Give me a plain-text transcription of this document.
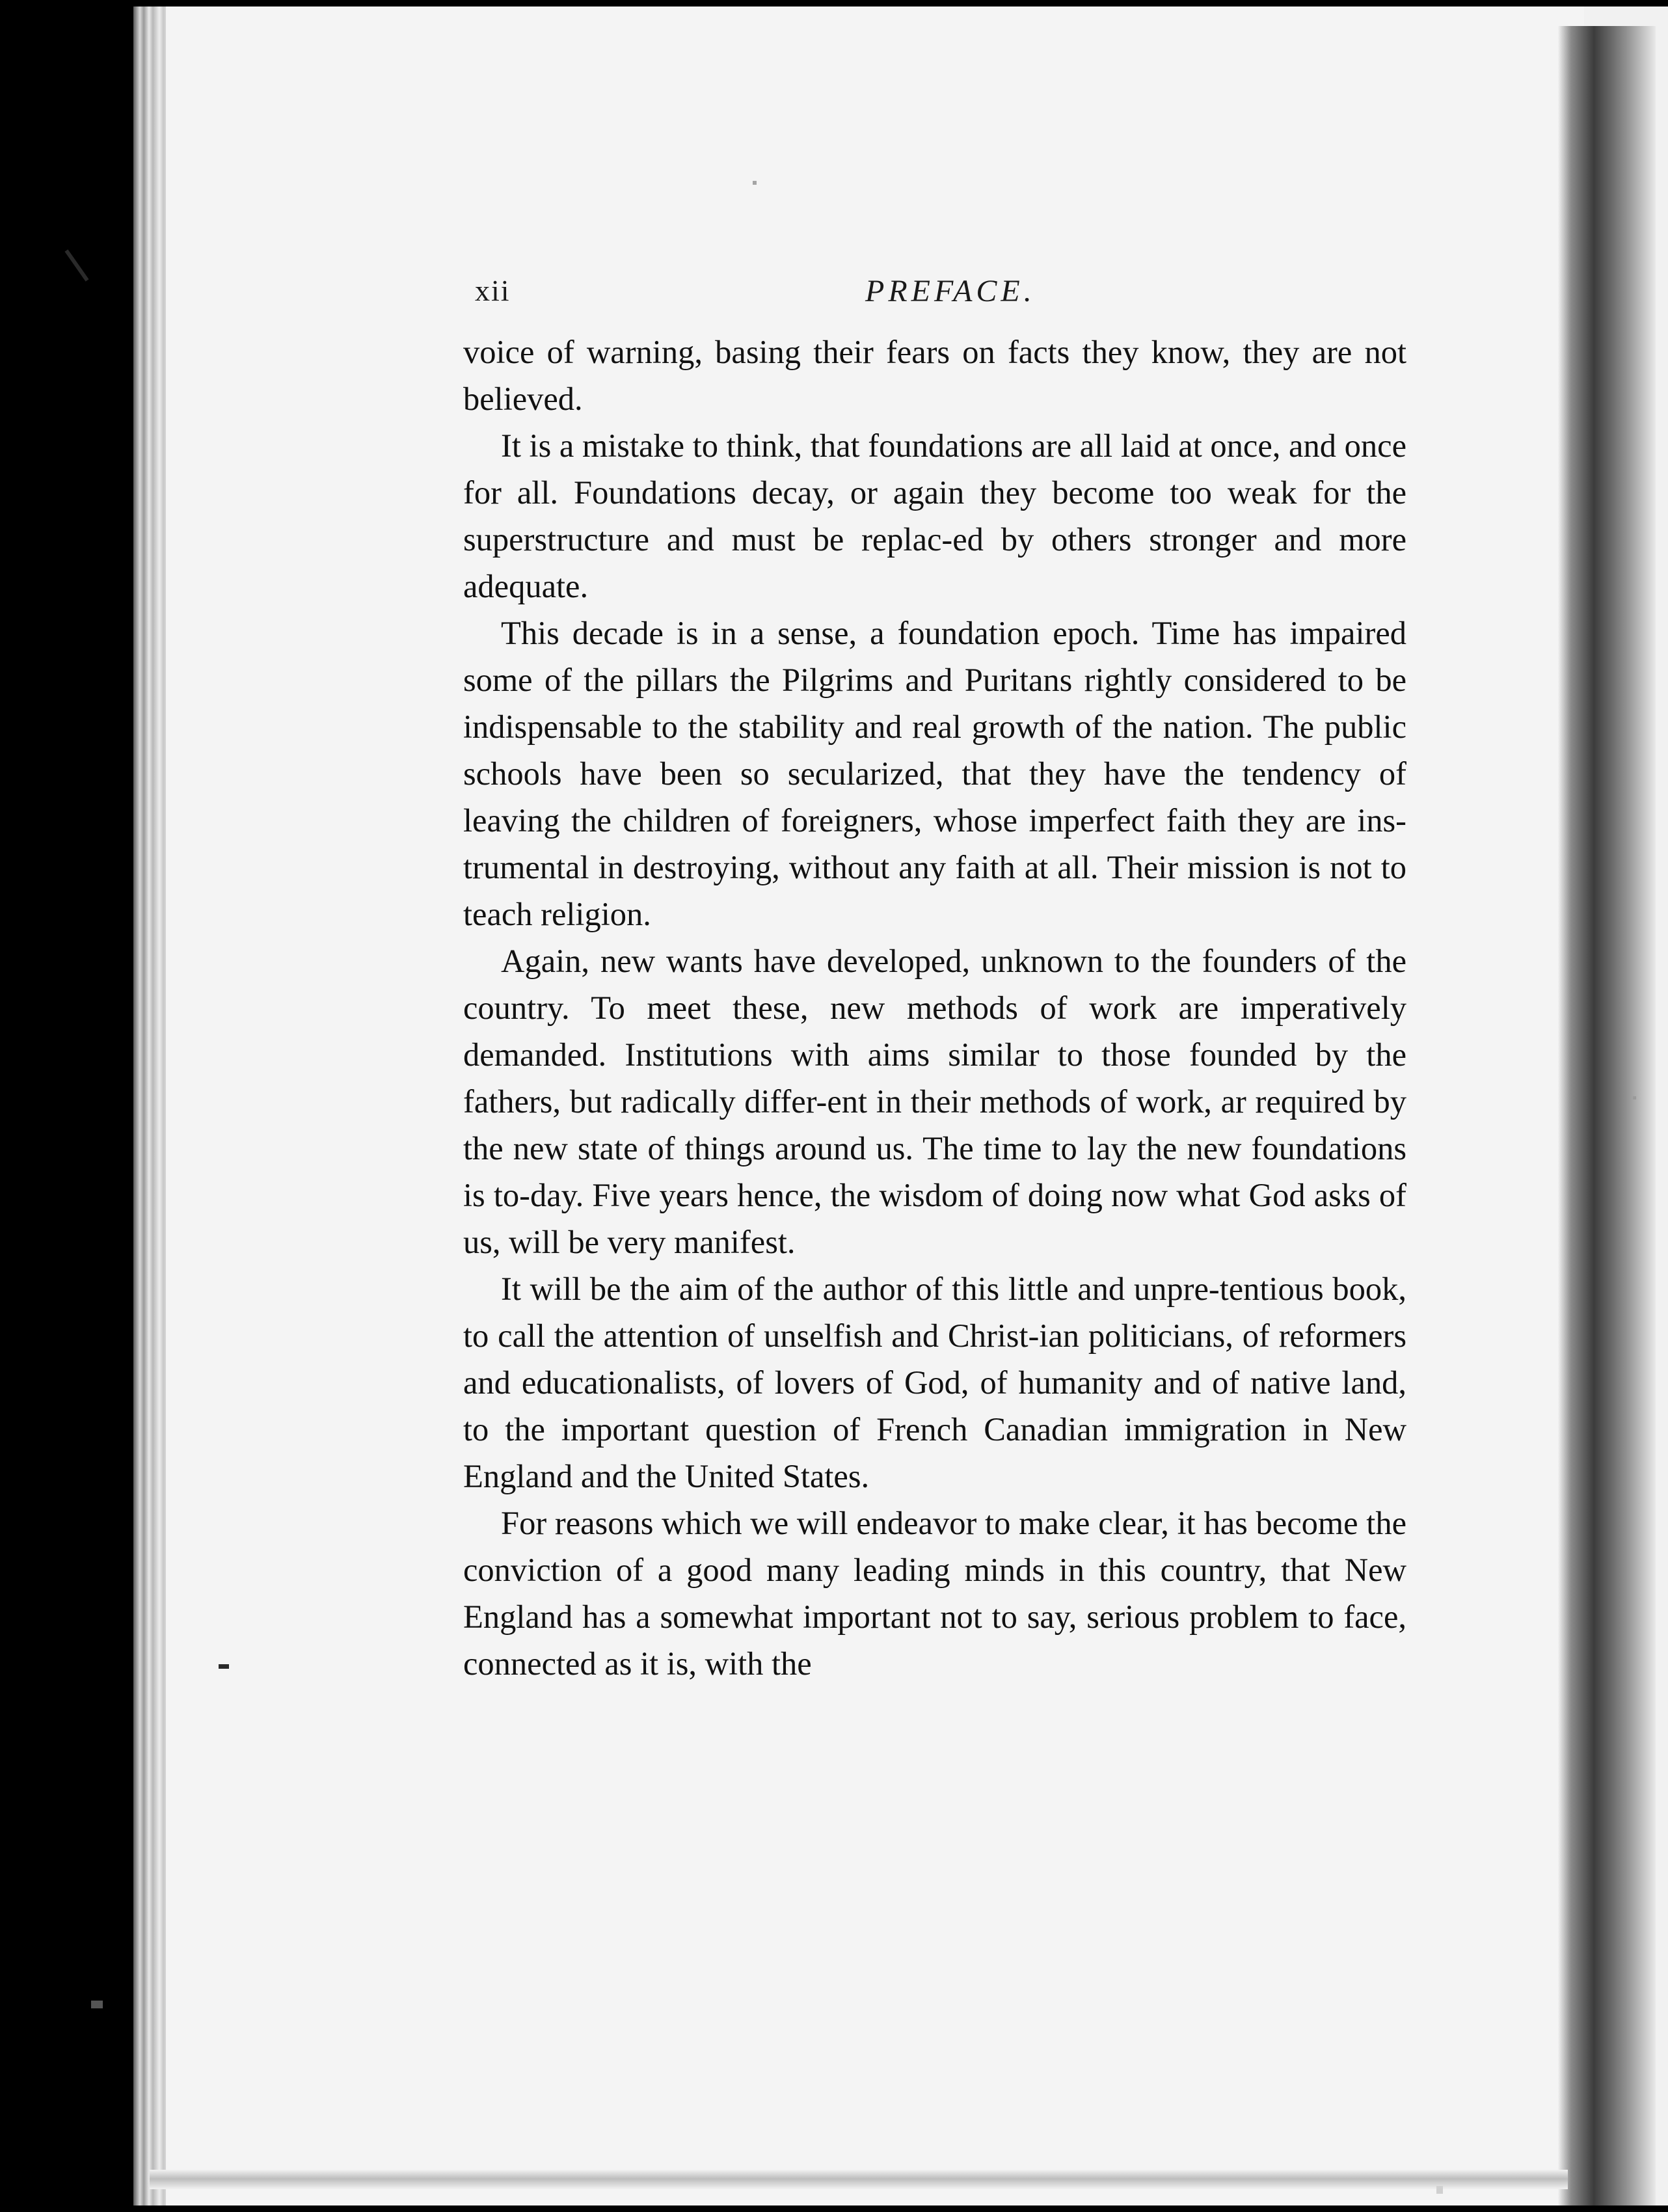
xii	PREFACE.

voice of warning, basing their fears on facts they know, they are not believed.

It is a mistake to think, that foundations are all laid at once, and once for all. Foundations decay, or again they become too weak for the superstructure and must be replac-ed by others stronger and more adequate.

This decade is in a sense, a foundation epoch. Time has impaired some of the pillars the Pilgrims and Puritans rightly considered to be indispensable to the stability and real growth of the nation. The public schools have been so secularized, that they have the tendency of leaving the children of foreigners, whose imperfect faith they are ins-trumental in destroying, without any faith at all. Their mission is not to teach religion.

Again, new wants have developed, unknown to the founders of the country. To meet these, new methods of work are imperatively demanded. Institutions with aims similar to those founded by the fathers, but radically differ-ent in their methods of work, ar required by the new state of things around us. The time to lay the new foundations is to-day. Five years hence, the wisdom of doing now what God asks of us, will be very manifest.

It will be the aim of the author of this little and unpre-tentious book, to call the attention of unselfish and Christ-ian politicians, of reformers and educationalists, of lovers of God, of humanity and of native land, to the important question of French Canadian immigration in New England and the United States.

For reasons which we will endeavor to make clear, it has become the conviction of a good many leading minds in this country, that New England has a somewhat important not to say, serious problem to face, connected as it is, with the
